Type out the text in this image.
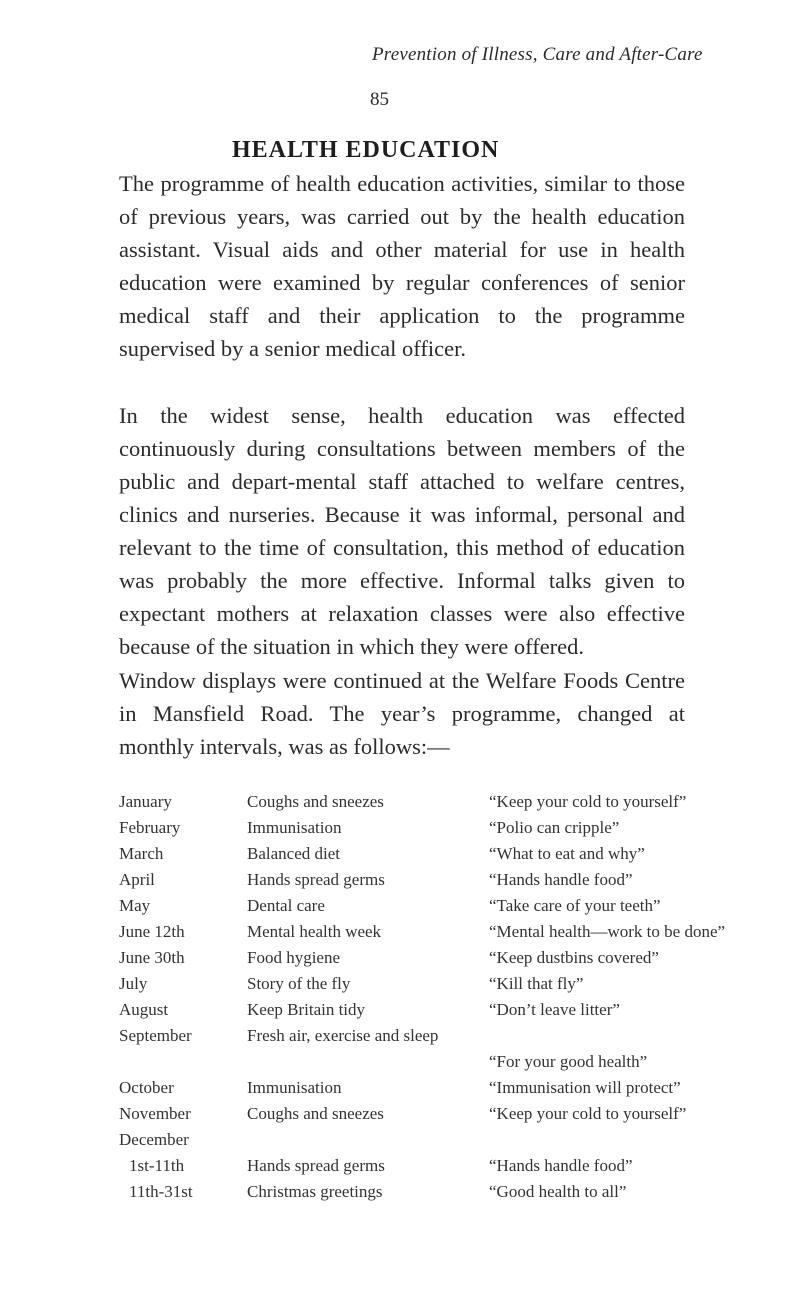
Prevention of Illness, Care and After-Care
85
HEALTH EDUCATION
The programme of health education activities, similar to those of previous years, was carried out by the health education assistant. Visual aids and other material for use in health education were examined by regular conferences of senior medical staff and their application to the programme supervised by a senior medical officer.
In the widest sense, health education was effected continuously during consultations between members of the public and depart-mental staff attached to welfare centres, clinics and nurseries. Because it was informal, personal and relevant to the time of consultation, this method of education was probably the more effective. Informal talks given to expectant mothers at relaxation classes were also effective because of the situation in which they were offered.
Window displays were continued at the Welfare Foods Centre in Mansfield Road. The year’s programme, changed at monthly intervals, was as follows:—
January	Coughs and sneezes	“Keep your cold to yourself”
February	Immunisation	“Polio can cripple”
March	Balanced diet	“What to eat and why”
April	Hands spread germs	“Hands handle food”
May	Dental care	“Take care of your teeth”
June 12th	Mental health week	“Mental health—work to be done”
June 30th	Food hygiene	“Keep dustbins covered”
July	Story of the fly	“Kill that fly”
August	Keep Britain tidy	“Don’t leave litter”
September	Fresh air, exercise and sleep
“For your good health”
October	Immunisation	“Immunisation will protect”
November	Coughs and sneezes	“Keep your cold to yourself”
December
1st-11th	Hands spread germs	“Hands handle food”
11th-31st	Christmas greetings	“Good health to all”
